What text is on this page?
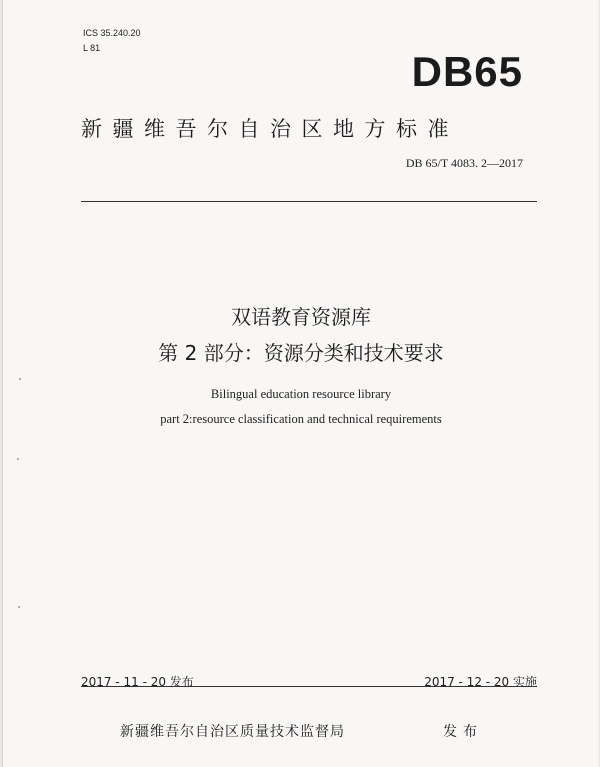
ICS 35.240.20
L 81	DB65
新疆维吾尔自治区地方标准
DB 65/T 4083. 2—2017
双语教育资源库
第 2 部分：资源分类和技术要求
Bilingual education resource library
part 2:resource classification and technical requirements
2017 - 11 - 20 发布	2017 - 12 - 20 实施
新疆维吾尔自治区质量技术监督局	发布
